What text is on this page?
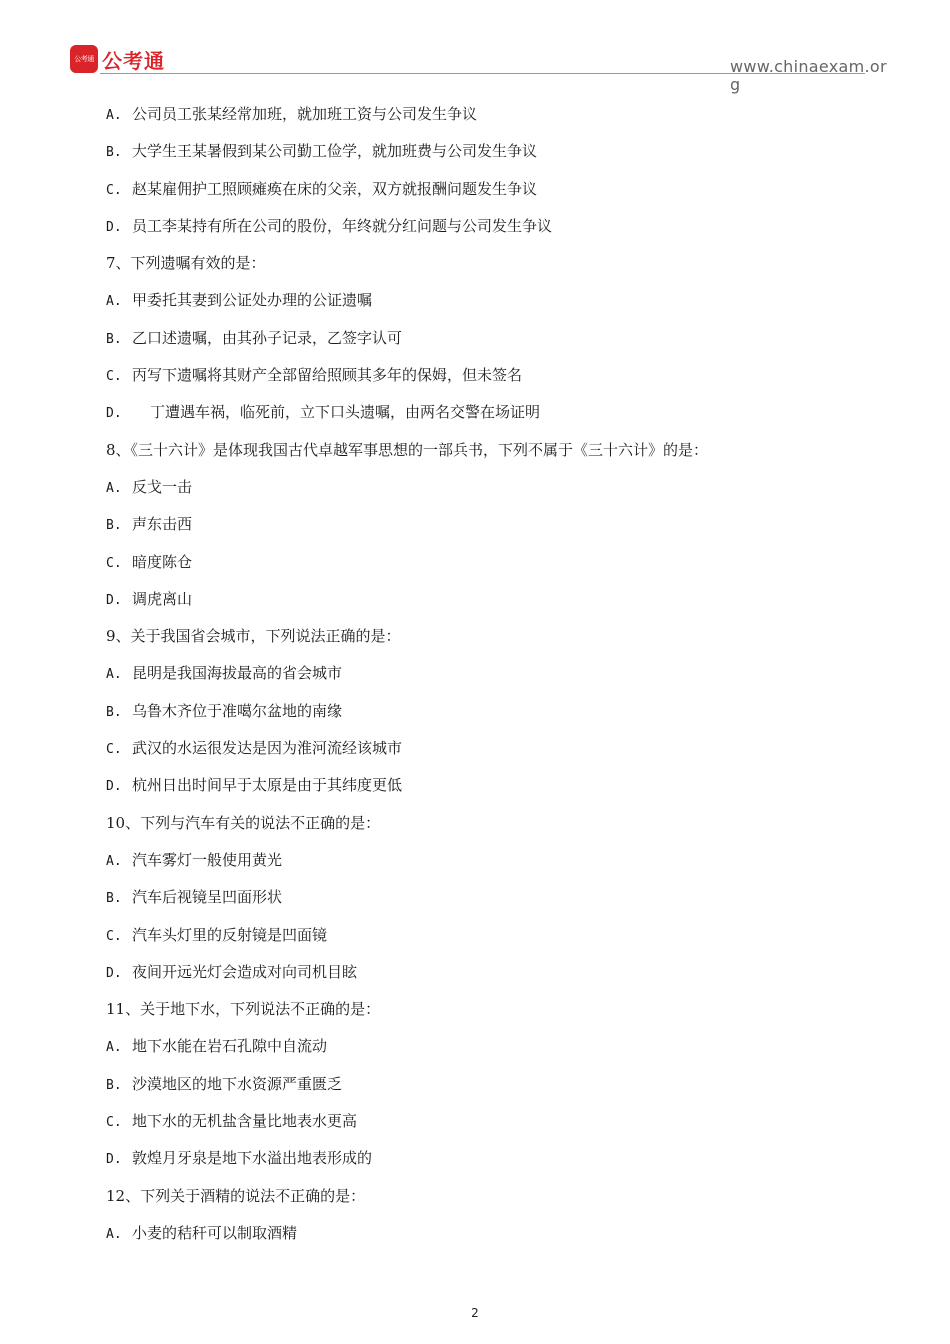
公考通 公考通	www.chinaexam.org
A. 公司员工张某经常加班，就加班工资与公司发生争议
B. 大学生王某暑假到某公司勤工俭学，就加班费与公司发生争议
C. 赵某雇佣护工照顾瘫痪在床的父亲，双方就报酬问题发生争议
D. 员工李某持有所在公司的股份，年终就分红问题与公司发生争议
7、下列遗嘱有效的是：
A. 甲委托其妻到公证处办理的公证遗嘱
B. 乙口述遗嘱，由其孙子记录，乙签字认可
C. 丙写下遗嘱将其财产全部留给照顾其多年的保姆，但未签名
D. 丁遭遇车祸，临死前，立下口头遗嘱，由两名交警在场证明
8、《三十六计》是体现我国古代卓越军事思想的一部兵书，下列不属于《三十六计》的是：
A. 反戈一击
B. 声东击西
C. 暗度陈仓
D. 调虎离山
9、关于我国省会城市，下列说法正确的是：
A. 昆明是我国海拔最高的省会城市
B. 乌鲁木齐位于准噶尔盆地的南缘
C. 武汉的水运很发达是因为淮河流经该城市
D. 杭州日出时间早于太原是由于其纬度更低
10、下列与汽车有关的说法不正确的是：
A. 汽车雾灯一般使用黄光
B. 汽车后视镜呈凹面形状
C. 汽车头灯里的反射镜是凹面镜
D. 夜间开远光灯会造成对向司机目眩
11、关于地下水，下列说法不正确的是：
A. 地下水能在岩石孔隙中自流动
B. 沙漠地区的地下水资源严重匮乏
C. 地下水的无机盐含量比地表水更高
D. 敦煌月牙泉是地下水溢出地表形成的
12、下列关于酒精的说法不正确的是：
A. 小麦的秸秆可以制取酒精
2
